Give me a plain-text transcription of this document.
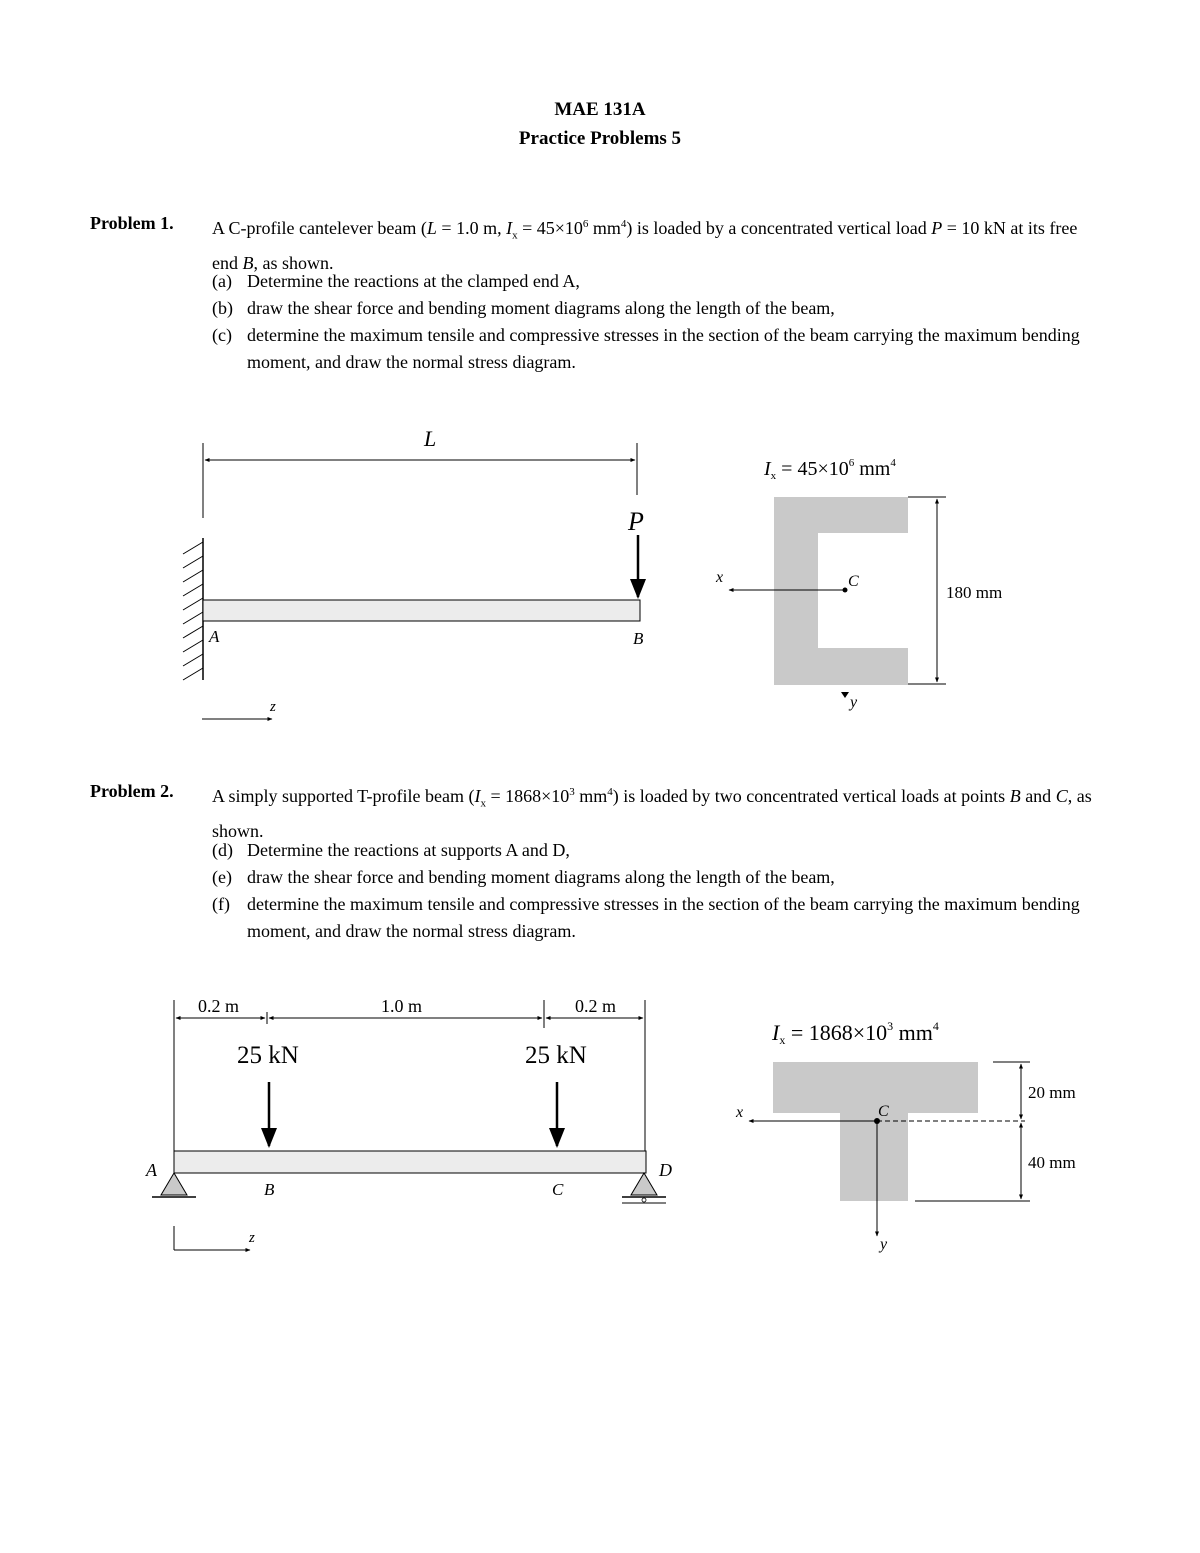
MAE 131A
Practice Problems 5
Problem 1. A C-profile cantelever beam (L = 1.0 m, $I_x = 45\times 10^6$ $mm^4$) is loaded by a concentrated vertical load P = 10 kN at its free end B, as shown.
(a) Determine the reactions at the clamped end A,
(b) draw the shear force and bending moment diagrams along the length of the beam,
(c) determine the maximum tensile and compressive stresses in the section of the beam carrying the maximum bending moment, and draw the normal stress diagram.
Problem 2. A simply supported T-profile beam ($I_x = 1868\times 10^3$ $mm^4$) is loaded by two concentrated vertical loads at points B and C, as shown.
(d) Determine the reactions at supports A and D,
(e) draw the shear force and bending moment diagrams along the length of the beam,
(f) determine the maximum tensile and compressive stresses in the section of the beam carrying the maximum bending moment, and draw the normal stress diagram.
L
P
A	B
z
$I_x = 45\times 10^6$ $mm^4$
180 mm
x	C
y
0.2 m	1.0 m	0.2 m
25 kN	25 kN
A
B	C
D
z
$Ix = 1868\times 10^3$ $mm^4$
x	C
y
20 mm
40 mm
